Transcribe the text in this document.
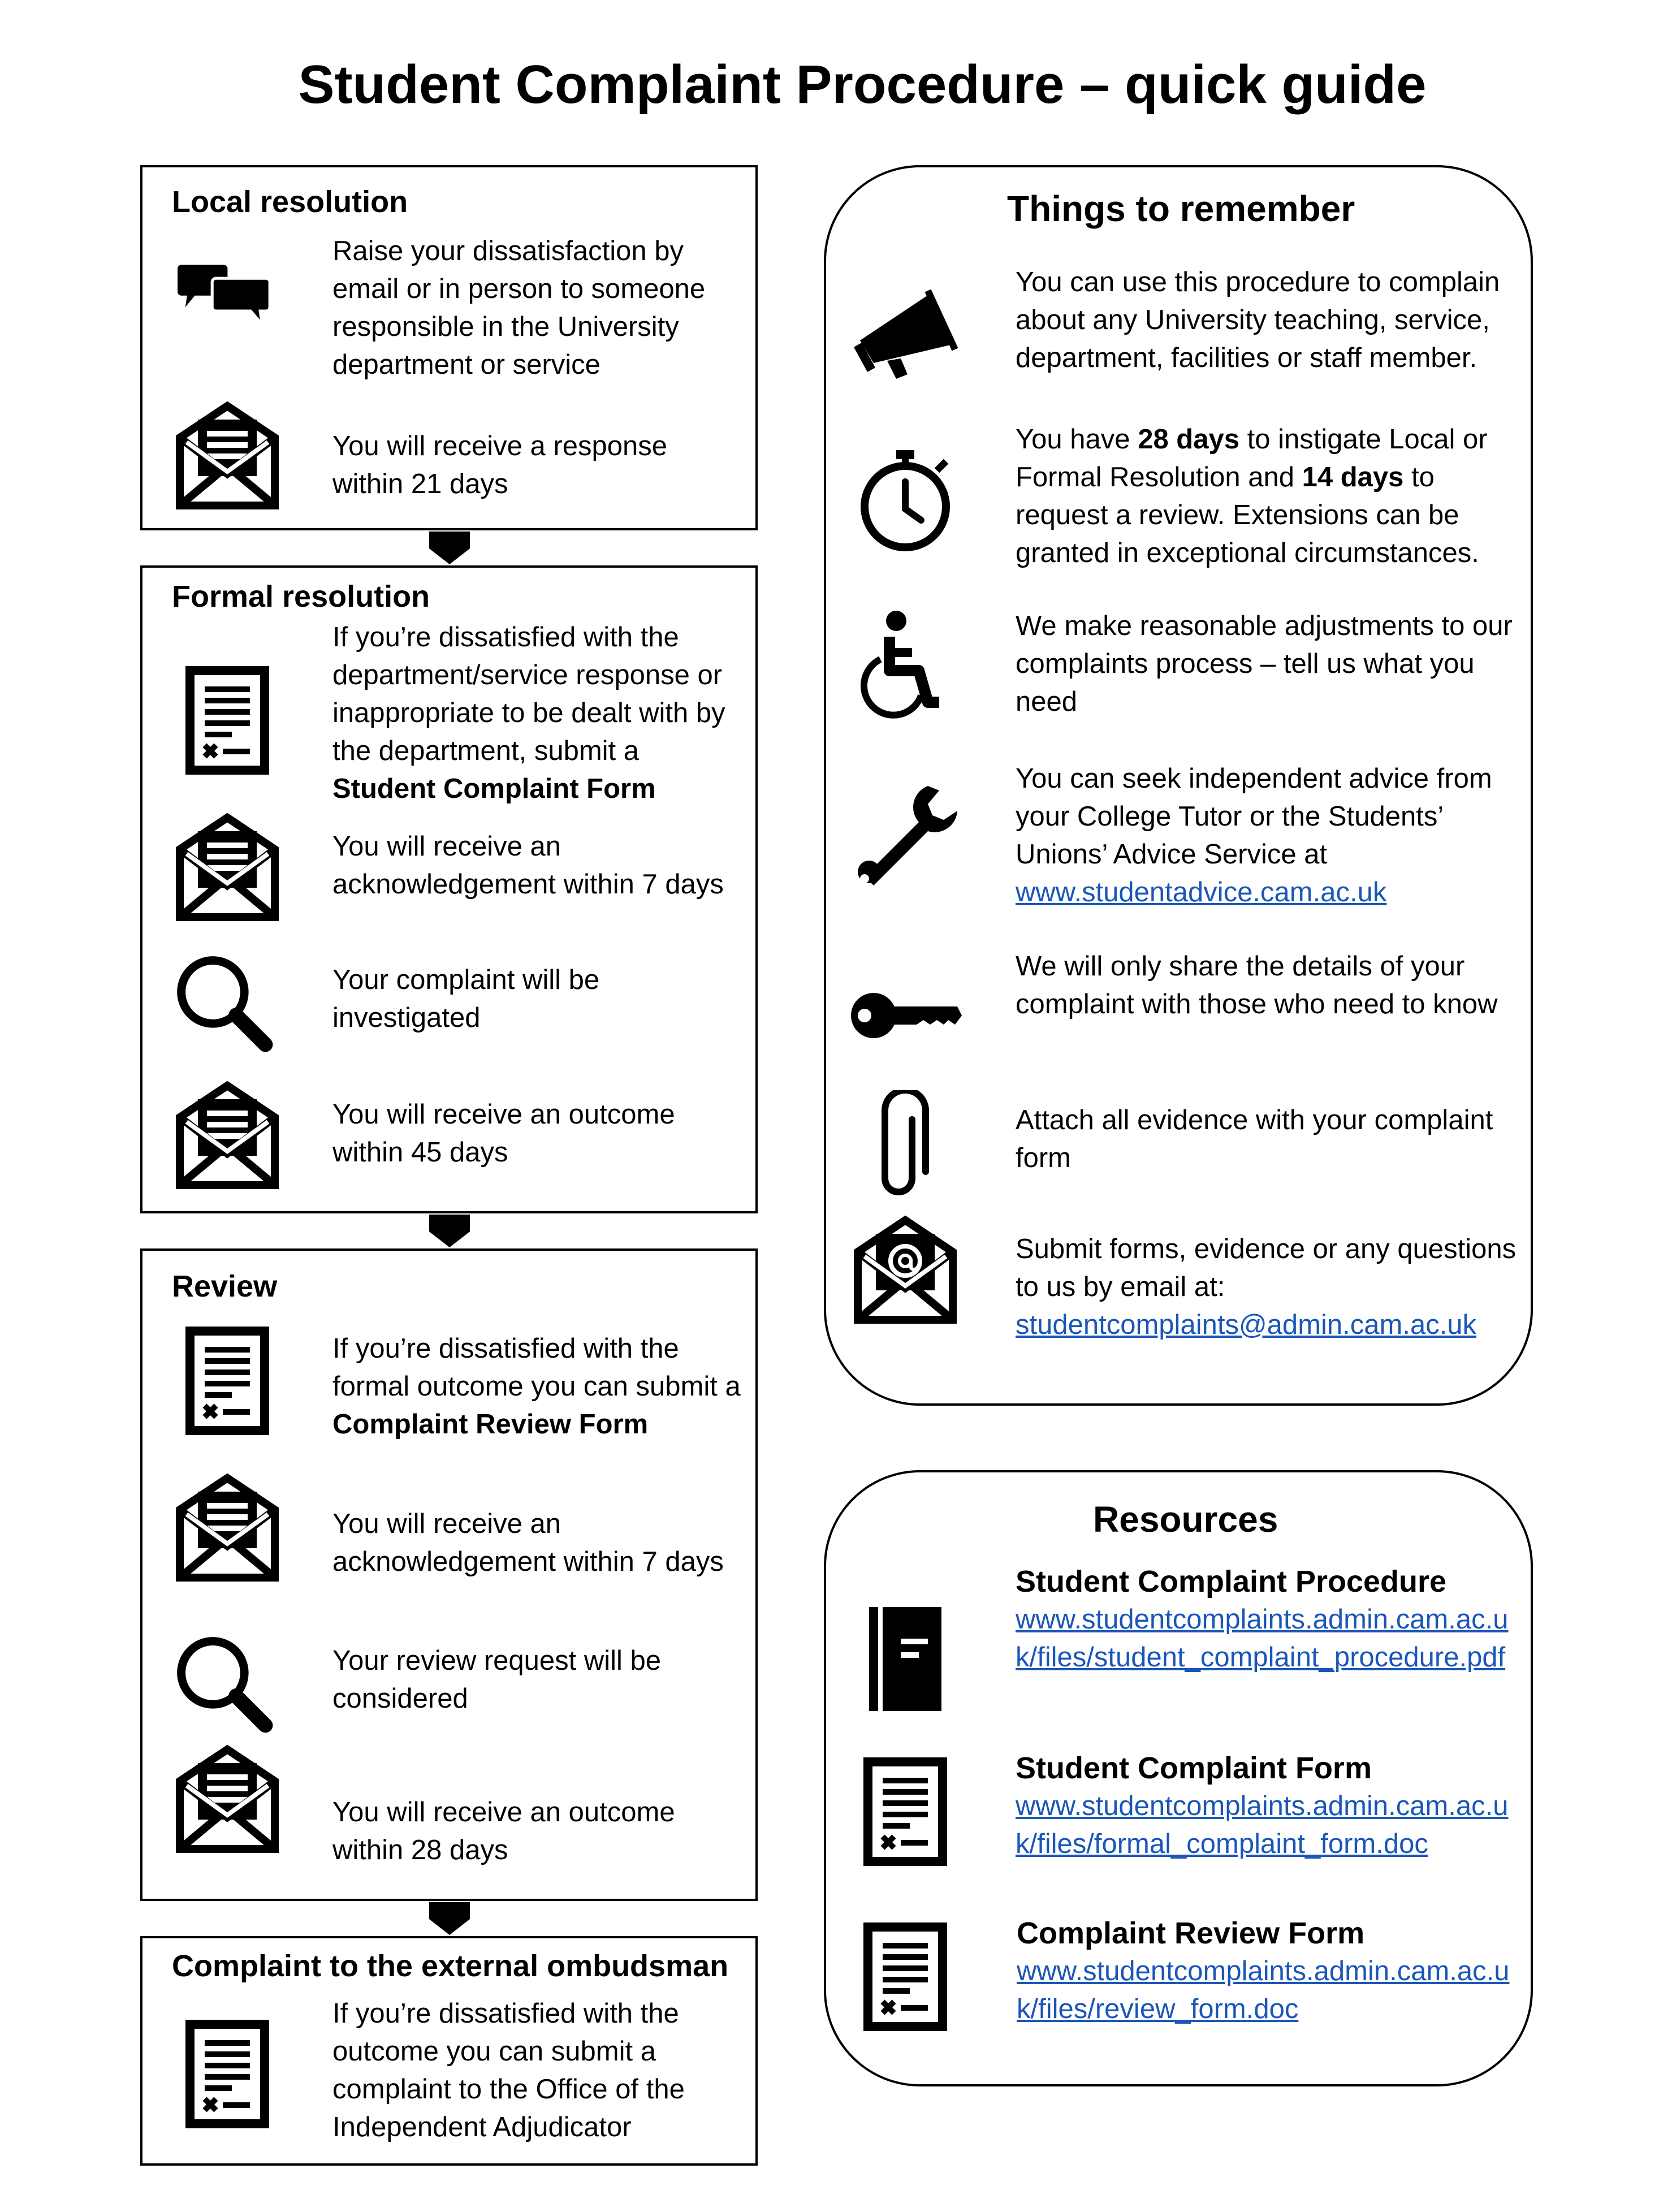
Student Complaint Procedure – quick guide
Local resolution
Raise your dissatisfaction by email or in person to someone responsible in the University department or service
You will receive a response within 21 days
Formal resolution
If you’re dissatisfied with the department/service response or inappropriate to be dealt with by the department, submit a Student Complaint Form
You will receive an acknowledgement within 7 days
Your complaint will be investigated
You will receive an outcome within 45 days
Review
If you’re dissatisfied with the formal outcome you can submit a Complaint Review Form
You will receive an acknowledgement within 7 days
Your review request will be considered
You will receive an outcome within 28 days
Complaint to the external ombudsman
If you’re dissatisfied with the outcome you can submit a complaint to the Office of the Independent Adjudicator
Things to remember
You can use this procedure to complain about any University teaching, service, department, facilities or staff member.
You have 28 days to instigate Local or Formal Resolution and 14 days to request a review. Extensions can be granted in exceptional circumstances.
We make reasonable adjustments to our complaints process – tell us what you need
You can seek independent advice from your College Tutor or the Students’ Unions’ Advice Service at www.studentadvice.cam.ac.uk
We will only share the details of your complaint with those who need to know
Attach all evidence with your complaint form
Submit forms, evidence or any questions to us by email at: studentcomplaints@admin.cam.ac.uk
Resources
Student Complaint Procedure
www.studentcomplaints.admin.cam.ac.uk/files/student_complaint_procedure.pdf
Student Complaint Form
www.studentcomplaints.admin.cam.ac.uk/files/formal_complaint_form.doc
Complaint Review Form
www.studentcomplaints.admin.cam.ac.uk/files/review_form.doc
